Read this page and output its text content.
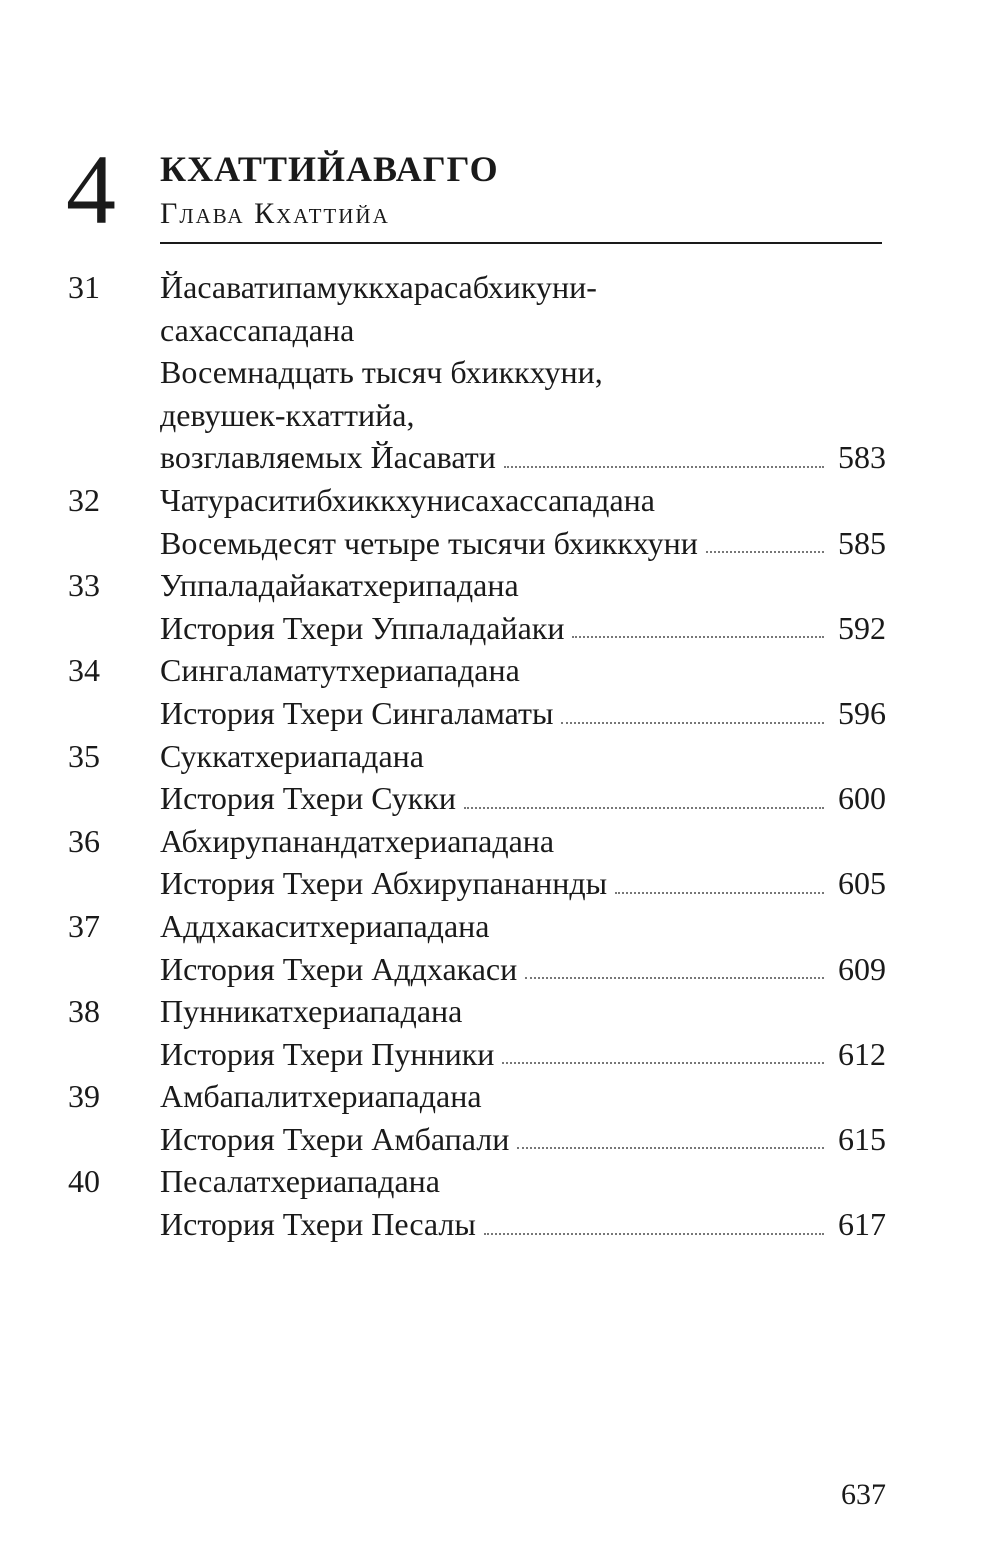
4 КХАТТИЙАВАГГО
Глава Кхаттийа
31	Йасаватипамуккхарасабхикуни-
сахассападана
Восемнадцать тысяч бхиккхуни,
девушек-кхаттийа,
возглавляемых Йасавати	583
32	Чатураситибхиккхунисахассападана
Восемьдесят четыре тысячи бхиккхуни	585
33	Уппаладайакатхерипадана
История Тхери Уппаладайаки	592
34	Сингаламатутхериападана
История Тхери Сингаламаты	596
35	Суккатхериападана
История Тхери Сукки	600
36	Абхирупанандатхериападана
История Тхери Абхирупананнды	605
37	Аддхакаситхериападана
История Тхери Аддхакаси	609
38	Пунникатхериападана
История Тхери Пунники	612
39	Амбапалитхериападана
История Тхери Амбапали	615
40	Песалатхериападана
История Тхери Песалы	617
637
